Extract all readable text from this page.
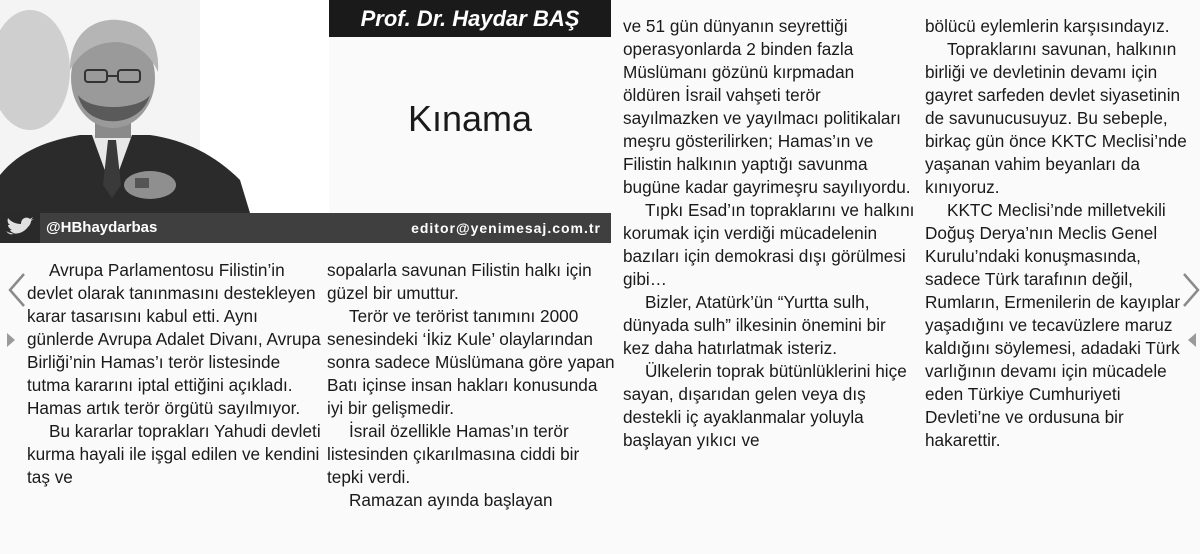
Prof. Dr. Haydar BAŞ
Kınama
@HBhaydarbas	editor@yenimesaj.com.tr

Avrupa Parlamentosu Filistin’in devlet olarak tanınmasını destekleyen karar tasarısını kabul etti. Aynı günlerde Avrupa Adalet Divanı, Avrupa Birliği’nin Hamas’ı terör listesinde tutma kararını iptal ettiğini açıkladı. Hamas artık terör örgütü sayılmıyor.

Bu kararlar toprakları Yahudi devleti kurma hayali ile işgal edilen ve kendini taş ve

sopalarla savunan Filistin halkı için güzel bir umuttur.

Terör ve terörist tanımını 2000 senesindeki ‘İkiz Kule’ olaylarından sonra sadece Müslümana göre yapan Batı içinse insan hakları konusunda iyi bir gelişmedir.

İsrail özellikle Hamas’ın terör listesinden çıkarılmasına ciddi bir tepki verdi.

Ramazan ayında başlayan

ve 51 gün dünyanın seyrettiği operasyonlarda 2 binden fazla Müslümanı gözünü kırpmadan öldüren İsrail vahşeti terör sayılmazken ve yayılmacı politikaları meşru gösterilirken; Hamas’ın ve Filistin halkının yaptığı savunma bugüne kadar gayrimeşru sayılıyordu.

Tıpkı Esad’ın topraklarını ve halkını korumak için verdiği mücadelenin bazıları için demokrasi dışı görülmesi gibi…

Bizler, Atatürk’ün “Yurtta sulh, dünyada sulh” ilkesinin önemini bir kez daha hatırlatmak isteriz.

Ülkelerin toprak bütünlüklerini hiçe sayan, dışarıdan gelen veya dış destekli iç ayaklanmalar yoluyla başlayan yıkıcı ve

bölücü eylemlerin karşısındayız.

Topraklarını savunan, halkının birliği ve devletinin devamı için gayret sarfeden devlet siyasetinin de savunucusuyuz. Bu sebeple, birkaç gün önce KKTC Meclisi’nde yaşanan vahim beyanları da kınıyoruz.

KKTC Meclisi’nde milletvekili Doğuş Derya’nın Meclis Genel Kurulu’ndaki konuşmasında, sadece Türk tarafının değil, Rumların, Ermenilerin de kayıplar yaşadığını ve tecavüzlere maruz kaldığını söylemesi, adadaki Türk varlığının devamı için mücadele eden Türkiye Cumhuriyeti Devleti’ne ve ordusuna bir hakarettir.
